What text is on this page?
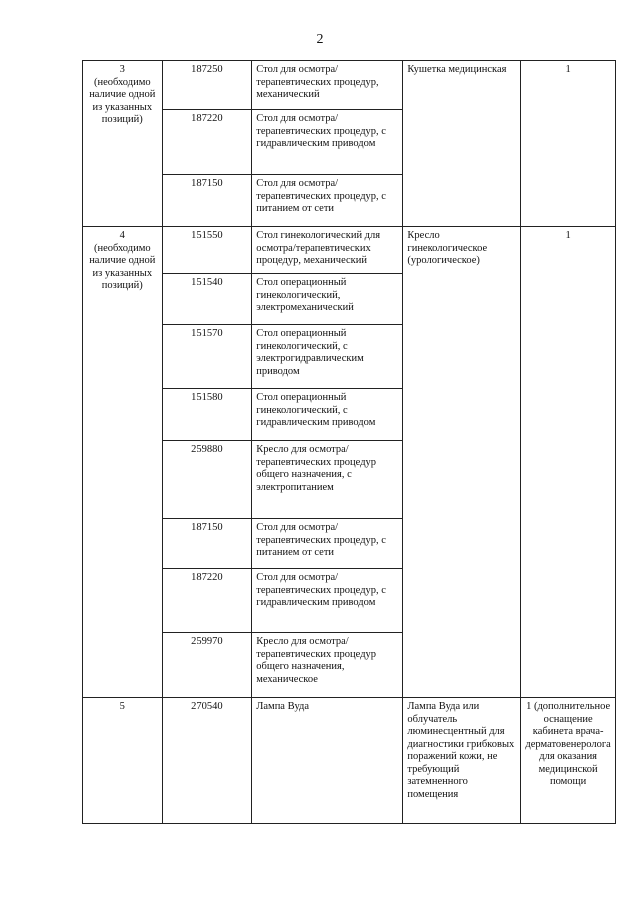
2
3
(необходимо наличие одной из указанных позиций)	187250	Стол для осмотра/терапевтических процедур, механический	Кушетка медицинская	1
	187220	Стол для осмотра/терапевтических процедур, с гидравлическим приводом		
	187150	Стол для осмотра/терапевтических процедур, с питанием от сети		

4
(необходимо наличие одной из указанных позиций)	151550	Стол гинекологический для осмотра/терапевтических процедур, механический	Кресло гинекологическое (урологическое)	1
	151540	Стол операционный гинекологический, электромеханический		
	151570	Стол операционный гинекологический, с электрогидравлическим приводом		
	151580	Стол операционный гинекологический, с гидравлическим приводом		
	259880	Кресло для осмотра/терапевтических процедур общего назначения, с электропитанием		
	187150	Стол для осмотра/терапевтических процедур, с питанием от сети		
	187220	Стол для осмотра/терапевтических процедур, с гидравлическим приводом		
	259970	Кресло для осмотра/терапевтических процедур общего назначения, механическое		

5	270540	Лампа Вуда	Лампа Вуда или облучатель люминесцентный для диагностики грибковых поражений кожи, не требующий затемненного помещения	1 (дополнительное оснащение кабинета врача-дерматовенеролога для оказания медицинской помощи
